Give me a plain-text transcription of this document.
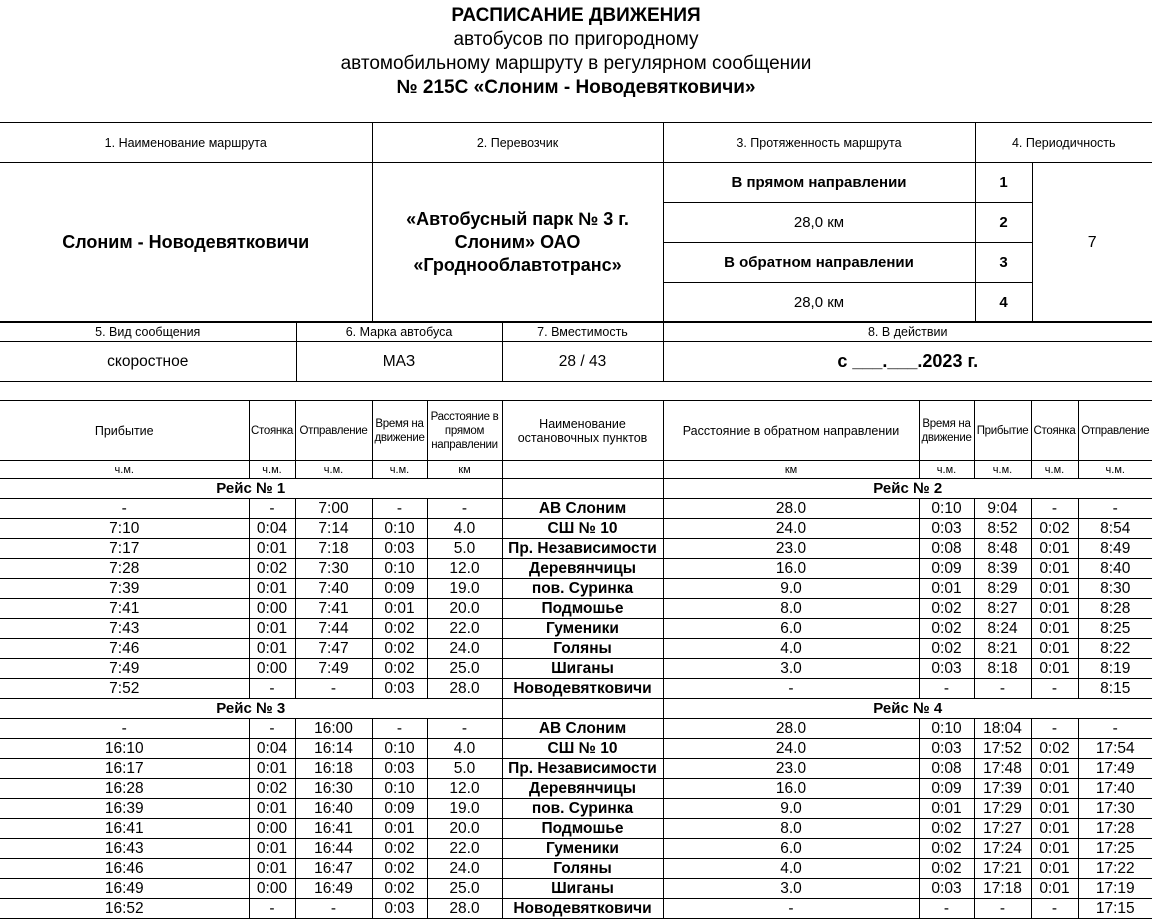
РАСПИСАНИЕ ДВИЖЕНИЯ
автобусов по пригородному
автомобильному маршруту в регулярном сообщении
№ 215С «Слоним - Новодевятковичи»
1. Наименование маршрута	2. Перевозчик	3. Протяженность маршрута	4. Периодичность	
Слоним - Новодевятковичи	«Автобусный парк № 3 г. Слоним» ОАО «Гроднооблавтотранс»	В прямом направлении	1	7
		28,0 км	2	
		В обратном направлении	3	
		28,0 км	4	
5. Вид сообщения	6. Марка автобуса	7. Вместимость	8. В действии
скоростное	МАЗ	28 / 43	с ___.___.2023 г.
Прибытие	Стоянка	Отправление	Время на движение	Расстояние в прямом направлении	Наименование остановочных пунктов	Расстояние в обратном направлении	Время на движение	Прибытие	Стоянка	Отправление
ч.м.	ч.м.	ч.м.	ч.м.	км		км	ч.м.	ч.м.	ч.м.	ч.м.
Рейс № 1						Рейс № 2				
-	-	7:00	-	-	АВ Слоним	28.0	0:10	9:04	-	-
7:10	0:04	7:14	0:10	4.0	СШ № 10	24.0	0:03	8:52	0:02	8:54
7:17	0:01	7:18	0:03	5.0	Пр. Независимости	23.0	0:08	8:48	0:01	8:49
7:28	0:02	7:30	0:10	12.0	Деревянчицы	16.0	0:09	8:39	0:01	8:40
7:39	0:01	7:40	0:09	19.0	пов. Суринка	9.0	0:01	8:29	0:01	8:30
7:41	0:00	7:41	0:01	20.0	Подмошье	8.0	0:02	8:27	0:01	8:28
7:43	0:01	7:44	0:02	22.0	Гуменики	6.0	0:02	8:24	0:01	8:25
7:46	0:01	7:47	0:02	24.0	Голяны	4.0	0:02	8:21	0:01	8:22
7:49	0:00	7:49	0:02	25.0	Шиганы	3.0	0:03	8:18	0:01	8:19
7:52	-	-	0:03	28.0	Новодевятковичи	-	-	-	-	8:15
Рейс № 3						Рейс № 4				
-	-	16:00	-	-	АВ Слоним	28.0	0:10	18:04	-	-
16:10	0:04	16:14	0:10	4.0	СШ № 10	24.0	0:03	17:52	0:02	17:54
16:17	0:01	16:18	0:03	5.0	Пр. Независимости	23.0	0:08	17:48	0:01	17:49
16:28	0:02	16:30	0:10	12.0	Деревянчицы	16.0	0:09	17:39	0:01	17:40
16:39	0:01	16:40	0:09	19.0	пов. Суринка	9.0	0:01	17:29	0:01	17:30
16:41	0:00	16:41	0:01	20.0	Подмошье	8.0	0:02	17:27	0:01	17:28
16:43	0:01	16:44	0:02	22.0	Гуменики	6.0	0:02	17:24	0:01	17:25
16:46	0:01	16:47	0:02	24.0	Голяны	4.0	0:02	17:21	0:01	17:22
16:49	0:00	16:49	0:02	25.0	Шиганы	3.0	0:03	17:18	0:01	17:19
16:52	-	-	0:03	28.0	Новодевятковичи	-	-	-	-	17:15
